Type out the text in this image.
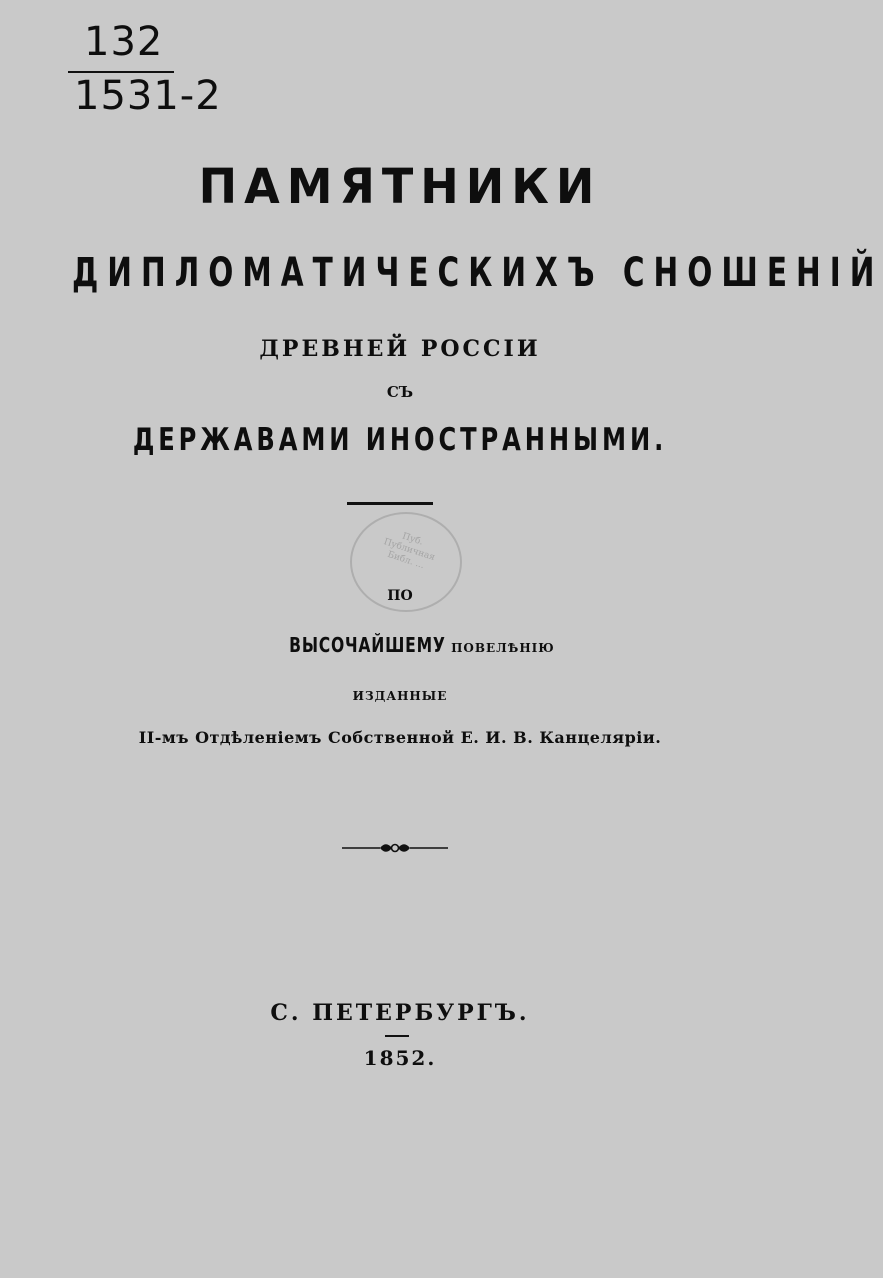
132
1531-2
ПАМЯТНИКИ
ДИПЛОМАТИЧЕСКИХЪ СНОШЕНІЙ
ДРЕВНЕЙ РОССІИ
СЪ
ДЕРЖАВАМИ ИНОСТРАННЫМИ.
Пуб. Публичная Библ. ...
ПО
ВЫСОЧАЙШЕМУ ПОВЕЛѢНІЮ
ИЗДАННЫЕ
II-мъ Отдѣленіемъ Собственной Е. И. В. Канцеляріи.
С. ПЕТЕРБУРГЪ.
1852.
